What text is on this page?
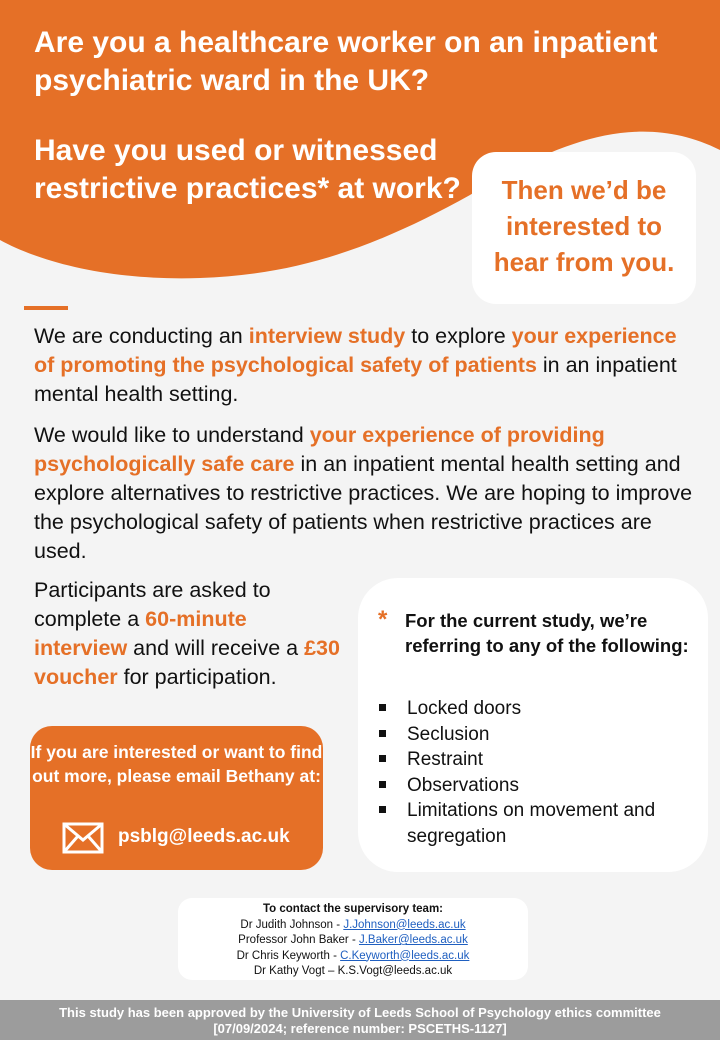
Are you a healthcare worker on an inpatient psychiatric ward in the UK?
Have you used or witnessed restrictive practices* at work?	Then we’d be interested to hear from you.
We are conducting an interview study to explore your experience of promoting the psychological safety of patients in an inpatient mental health setting.
We would like to understand your experience of providing psychologically safe care in an inpatient mental health setting and explore alternatives to restrictive practices. We are hoping to improve the psychological safety of patients when restrictive practices are used.
Participants are asked to complete a 60-minute interview and will receive a £30 voucher for participation.
If you are interested or want to find out more, please email Bethany at:
psblg@leeds.ac.uk
* For the current study, we’re referring to any of the following:
Locked doors
Seclusion
Restraint
Observations
Limitations on movement and segregation
To contact the supervisory team:
Dr Judith Johnson - J.Johnson@leeds.ac.uk
Professor John Baker - J.Baker@leeds.ac.uk
Dr Chris Keyworth - C.Keyworth@leeds.ac.uk
Dr Kathy Vogt – K.S.Vogt@leeds.ac.uk
This study has been approved by the University of Leeds School of Psychology ethics committee
[07/09/2024; reference number: PSCETHS-1127]
